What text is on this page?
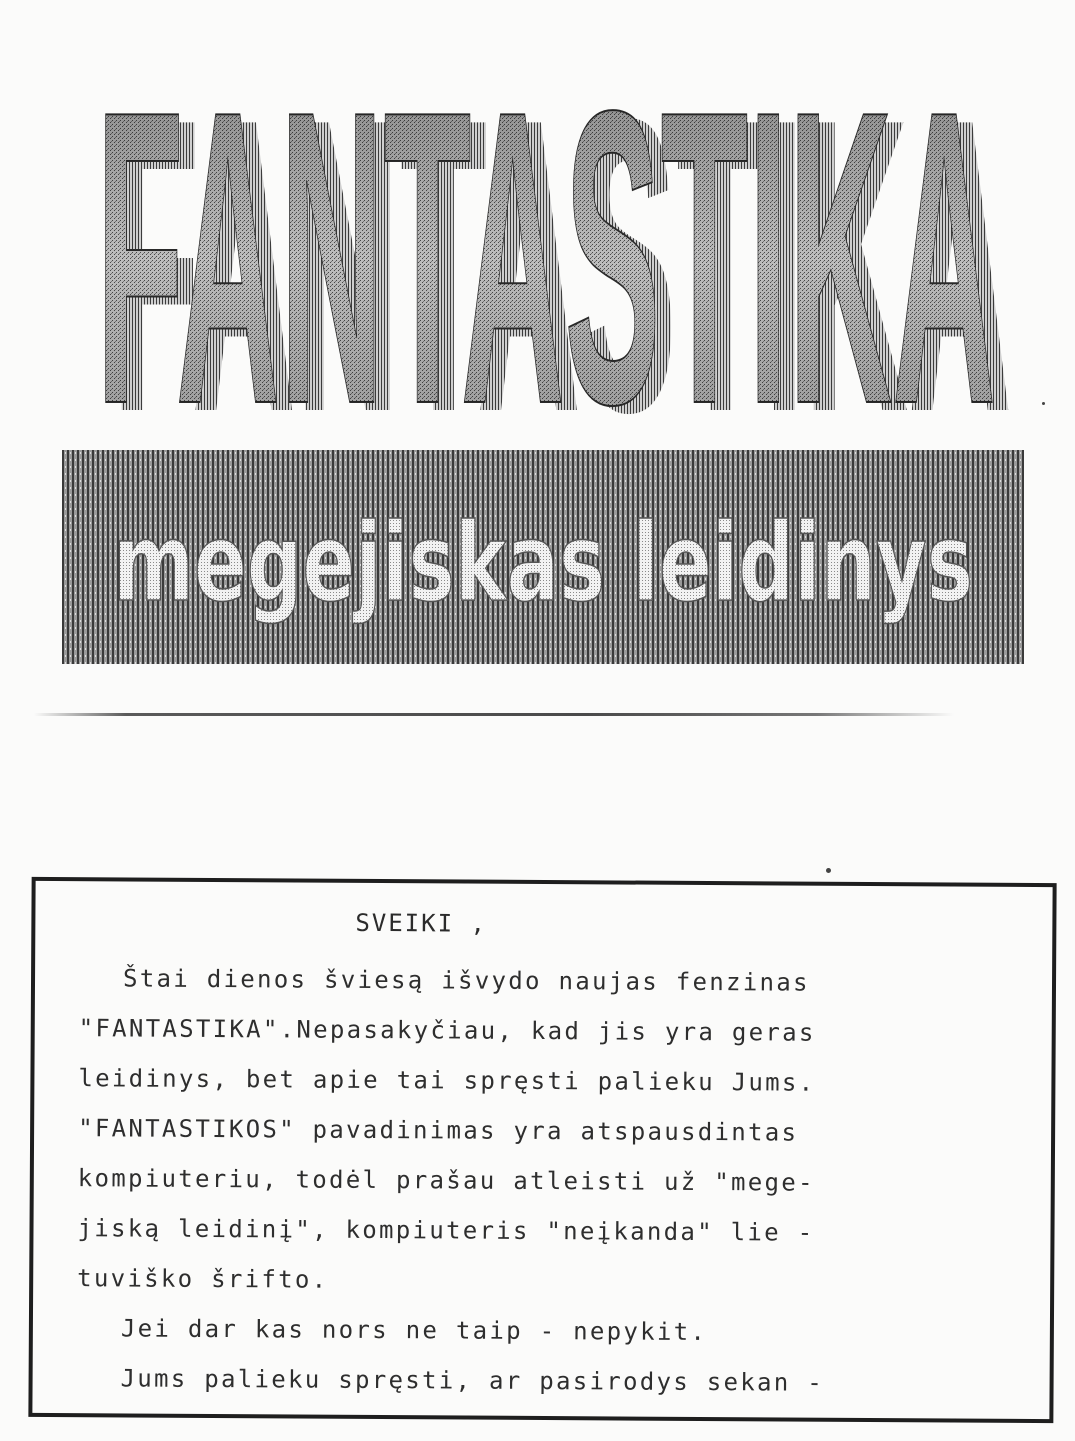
FANTASTIKA
FANTASTIKA
FANTASTIKA
megejiskas leidinys
SVEIKI ,
Štai dienos šviesą išvydo naujas fenzinas
"FANTASTIKA".Nepasakyčiau, kad jis yra geras
leidinys, bet apie tai spręsti palieku Jums.
"FANTASTIKOS" pavadinimas yra atspausdintas
kompiuteriu, todėl prašau atleisti už "mege-
jiską leidinį", kompiuteris "neįkanda" lie -
tuviško šrifto.
Jei dar kas nors ne taip - nepykit.
Jums palieku spręsti, ar pasirodys sekan -
